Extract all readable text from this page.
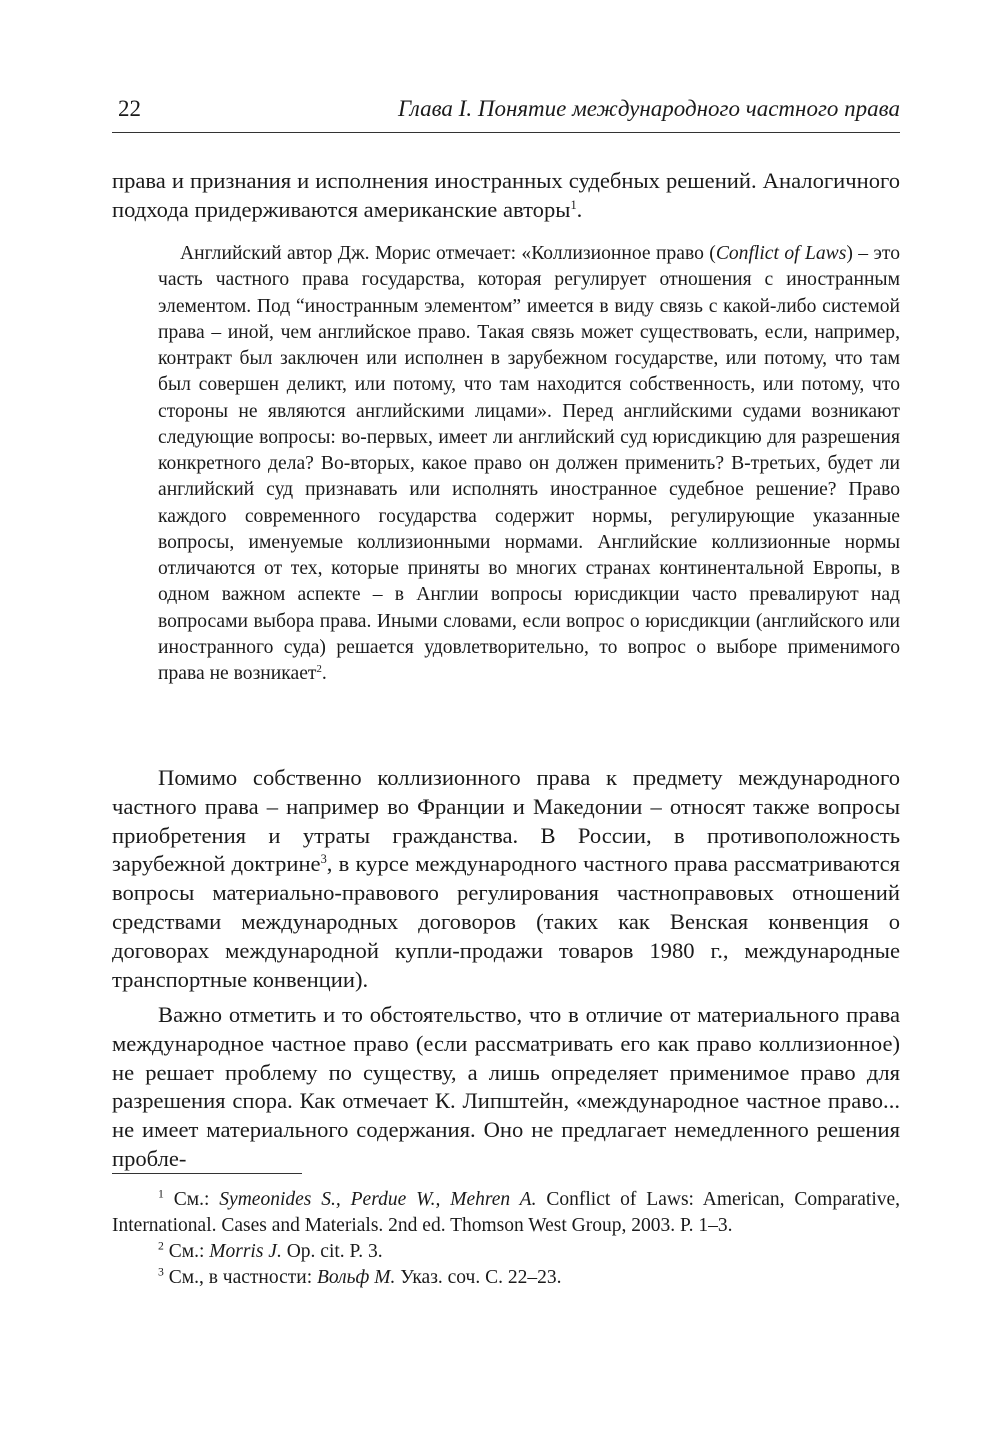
22	Глава I. Понятие международного частного права

права и признания и исполнения иностранных судебных решений. Аналогичного подхода придерживаются американские авторы$^1$.

Английский автор Дж. Морис отмечает: «Коллизионное право (Conflict of Laws) – это часть частного права государства, которая регулирует отношения с иностранным элементом. Под “иностранным элементом” имеется в виду связь с какой-либо системой права – иной, чем английское право. Такая связь может существовать, если, например, контракт был заключен или исполнен в зарубежном государстве, или потому, что там был совершен деликт, или потому, что там находится собственность, или потому, что стороны не являются английскими лицами». Перед английскими судами возникают следующие вопросы: во-первых, имеет ли английский суд юрисдикцию для разрешения конкретного дела? Во-вторых, какое право он должен применить? В-третьих, будет ли английский суд признавать или исполнять иностранное судебное решение? Право каждого современного государства содержит нормы, регулирующие указанные вопросы, именуемые коллизионными нормами. Английские коллизионные нормы отличаются от тех, которые приняты во многих странах континентальной Европы, в одном важном аспекте – в Англии вопросы юрисдикции часто превалируют над вопросами выбора права. Иными словами, если вопрос о юрисдикции (английского или иностранного суда) решается удовлетворительно, то вопрос о выборе применимого права не возникает$^2$.

Помимо собственно коллизионного права к предмету международного частного права – например во Франции и Македонии – относят также вопросы приобретения и утраты гражданства. В России, в противоположность зарубежной доктрине$^3$, в курсе международного частного права рассматриваются вопросы материально-правового регулирования частноправовых отношений средствами международных договоров (таких как Венская конвенция о договорах международной купли-продажи товаров 1980 г., международные транспортные конвенции).

Важно отметить и то обстоятельство, что в отличие от материального права международное частное право (если рассматривать его как право коллизионное) не решает проблему по существу, а лишь определяет применимое право для разрешения спора. Как отмечает К. Липштейн, «международное частное право... не имеет материального содержания. Оно не предлагает немедленного решения пробле-

$^1$ См.: Symeonides S., Perdue W., Mehren A. Conflict of Laws: American, Comparative, International. Cases and Materials. 2nd ed. Thomson West Group, 2003. P. 1–3.

$^2$ См.: Morris J. Op. cit. P. 3.

$^3$ См., в частности: Вольф М. Указ. соч. С. 22–23.
